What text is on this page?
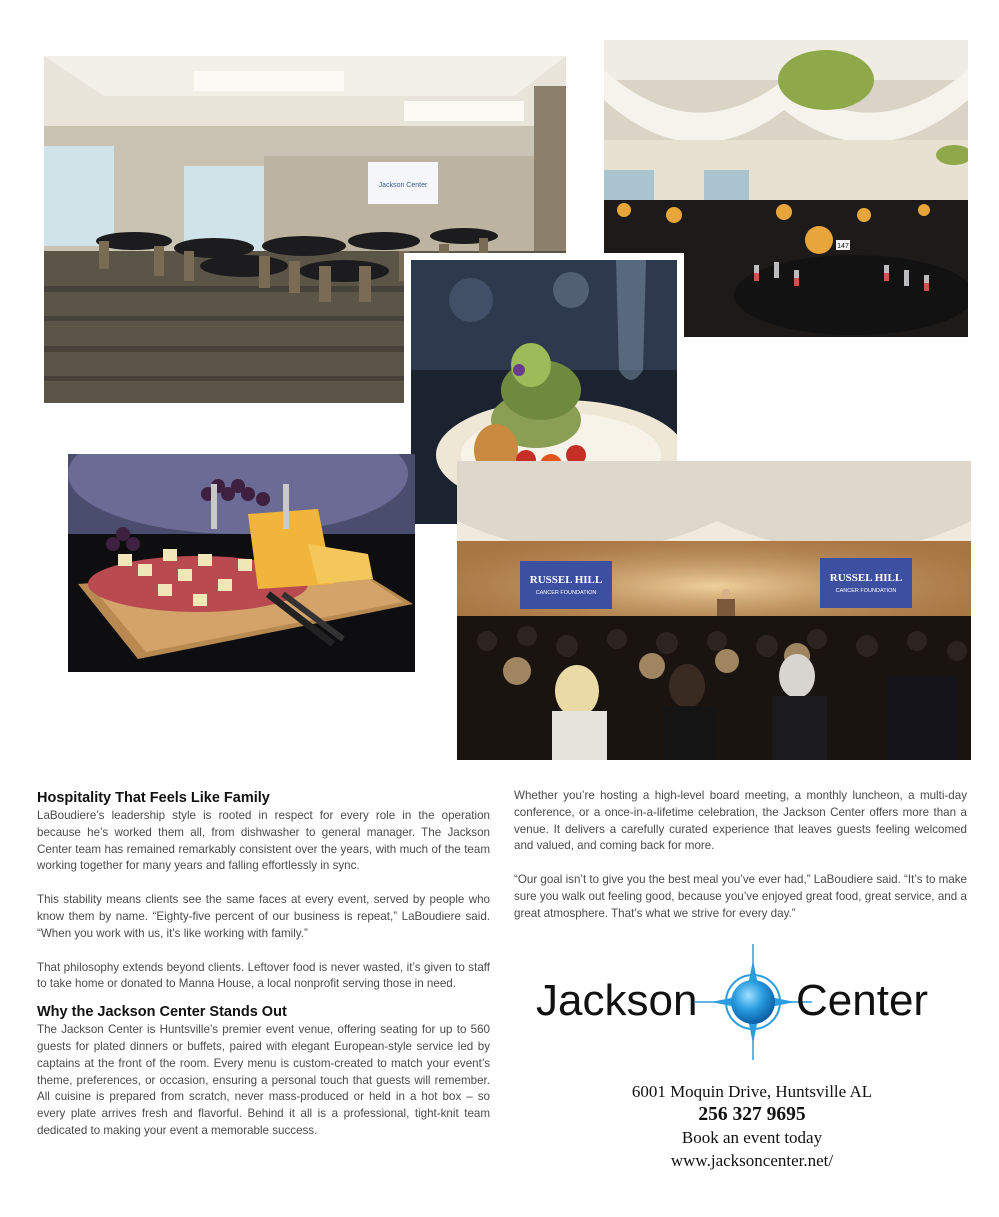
Jackson Center
147
RUSSEL HILL
CANCER FOUNDATION
RUSSEL HILL
CANCER FOUNDATION
Hospitality That Feels Like Family

LaBoudiere’s leadership style is rooted in respect for every role in the operation because he’s worked them all, from dishwasher to general manager. The Jackson Center team has remained remarkably consistent over the years, with much of the team working together for many years and falling effortlessly in sync.

This stability means clients see the same faces at every event, served by people who know them by name. “Eighty-five percent of our business is repeat,” LaBoudiere said. “When you work with us, it’s like working with family.”

That philosophy extends beyond clients. Leftover food is never wasted, it’s given to staff to take home or donated to Manna House, a local nonprofit serving those in need.

Why the Jackson Center Stands Out

The Jackson Center is Huntsville’s premier event venue, offering seating for up to 560 guests for plated dinners or buffets, paired with elegant European-style service led by captains at the front of the room. Every menu is custom-created to match your event’s theme, preferences, or occasion, ensuring a personal touch that guests will remember. All cuisine is prepared from scratch, never mass-produced or held in a hot box – so every plate arrives fresh and flavorful. Behind it all is a professional, tight-knit team dedicated to making your event a memorable success.

Whether you’re hosting a high-level board meeting, a monthly luncheon, a multi-day conference, or a once-in-a-lifetime celebration, the Jackson Center offers more than a venue. It delivers a carefully curated experience that leaves guests feeling welcomed and valued, and coming back for more.

“Our goal isn’t to give you the best meal you’ve ever had,” LaBoudiere said. “It’s to make sure you walk out feeling good, because you’ve enjoyed great food, great service, and a great atmosphere. That’s what we strive for every day.”

Jackson Center
6001 Moquin Drive, Huntsville AL
256 327 9695
Book an event today
www.jacksoncenter.net/
